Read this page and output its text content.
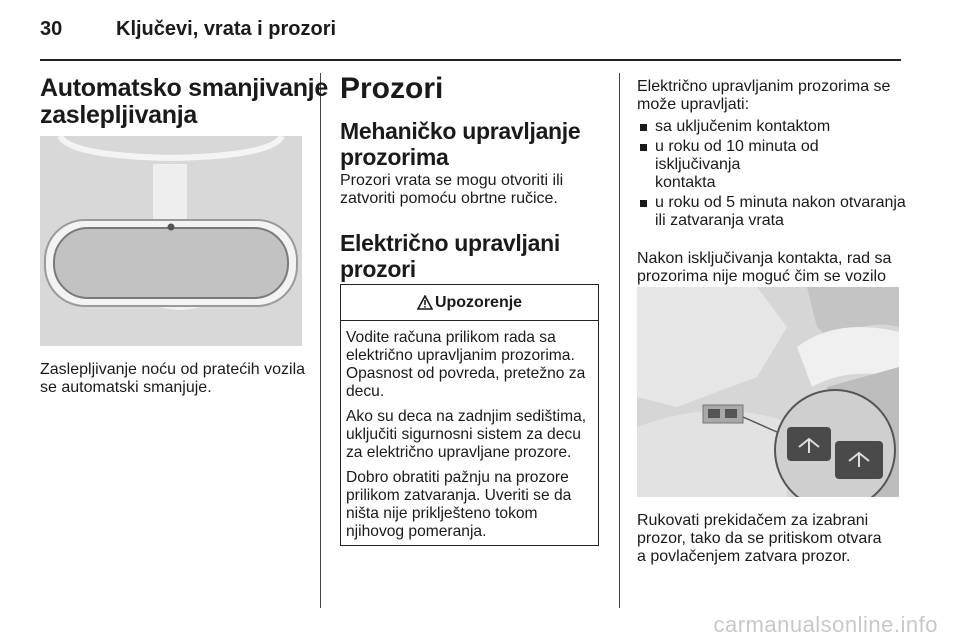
30	Ključevi, vrata i prozori
Automatsko smanjivanje
zaslepljivanja
Zaslepljivanje noću od pratećih vozila
se automatski smanjuje.
Prozori
Mehaničko upravljanje
prozorima
Prozori vrata se mogu otvoriti ili
zatvoriti pomoću obrtne ručice.
Električno upravljani
prozori
Upozorenje

Vodite računa prilikom rada sa
električno upravljanim prozorima.
Opasnost od povreda, pretežno za
decu.

Ako su deca na zadnjim sedištima,
uključiti sigurnosni sistem za decu
za električno upravljane prozore.

Dobro obratiti pažnju na prozore
prilikom zatvaranja. Uveriti se da
ništa nije priklješteno tokom
njihovog pomeranja.

Električno upravljanim prozorima se
može upravljati:
sa uključenim kontaktom
u roku od 10 minuta od isključivanja
kontakta
u roku od 5 minuta nakon otvaranja
ili zatvaranja vrata
Nakon isključivanja kontakta, rad sa
prozorima nije moguć čim se vozilo
Rukovati prekidačem za izabrani
prozor, tako da se pritiskom otvara
a povlačenjem zatvara prozor.
carmanualsonline.info
